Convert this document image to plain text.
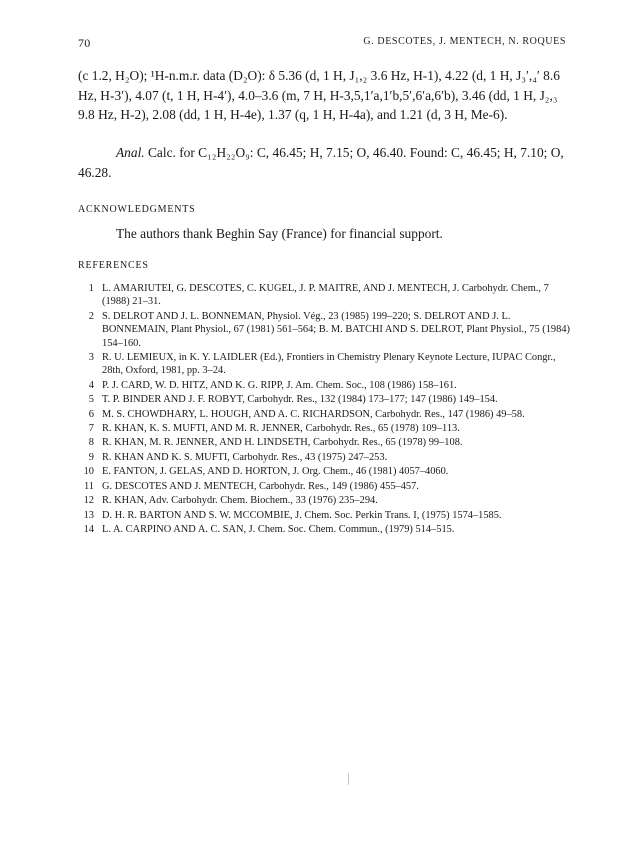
70	G. DESCOTES, J. MENTECH, N. ROQUES

(c 1.2, H₂O); ¹H-n.m.r. data (D₂O): δ 5.36 (d, 1 H, J₁,₂ 3.6 Hz, H-1), 4.22 (d, 1 H, J₃′,₄′ 8.6 Hz, H-3′), 4.07 (t, 1 H, H-4′), 4.0–3.6 (m, 7 H, H-3,5,1′a,1′b,5′,6′a,6′b), 3.46 (dd, 1 H, J₂,₃ 9.8 Hz, H-2), 2.08 (dd, 1 H, H-4e), 1.37 (q, 1 H, H-4a), and 1.21 (d, 3 H, Me-6).

Anal. Calc. for C₁₂H₂₂O₉: C, 46.45; H, 7.15; O, 46.40. Found: C, 46.45; H, 7.10; O, 46.28.

ACKNOWLEDGMENTS
The authors thank Beghin Say (France) for financial support.
REFERENCES
1 L. AMARIUTEI, G. DESCOTES, C. KUGEL, J. P. MAITRE, AND J. MENTECH, J. Carbohydr. Chem., 7 (1988) 21–31.
2 S. DELROT AND J. L. BONNEMAN, Physiol. Vég., 23 (1985) 199–220; S. DELROT AND J. L. BONNEMAIN, Plant Physiol., 67 (1981) 561–564; B. M. BATCHI AND S. DELROT, Plant Physiol., 75 (1984) 154–160.
3 R. U. LEMIEUX, in K. Y. LAIDLER (Ed.), Frontiers in Chemistry Plenary Keynote Lecture, IUPAC Congr., 28th, Oxford, 1981, pp. 3–24.
4 P. J. CARD, W. D. HITZ, AND K. G. RIPP, J. Am. Chem. Soc., 108 (1986) 158–161.
5 T. P. BINDER AND J. F. ROBYT, Carbohydr. Res., 132 (1984) 173–177; 147 (1986) 149–154.
6 M. S. CHOWDHARY, L. HOUGH, AND A. C. RICHARDSON, Carbohydr. Res., 147 (1986) 49–58.
7 R. KHAN, K. S. MUFTI, AND M. R. JENNER, Carbohydr. Res., 65 (1978) 109–113.
8 R. KHAN, M. R. JENNER, AND H. LINDSETH, Carbohydr. Res., 65 (1978) 99–108.
9 R. KHAN AND K. S. MUFTI, Carbohydr. Res., 43 (1975) 247–253.
10 E. FANTON, J. GELAS, AND D. HORTON, J. Org. Chem., 46 (1981) 4057–4060.
11 G. DESCOTES AND J. MENTECH, Carbohydr. Res., 149 (1986) 455–457.
12 R. KHAN, Adv. Carbohydr. Chem. Biochem., 33 (1976) 235–294.
13 D. H. R. BARTON AND S. W. MCCOMBIE, J. Chem. Soc. Perkin Trans. I, (1975) 1574–1585.
14 L. A. CARPINO AND A. C. SAN, J. Chem. Soc. Chem. Commun., (1979) 514–515.
